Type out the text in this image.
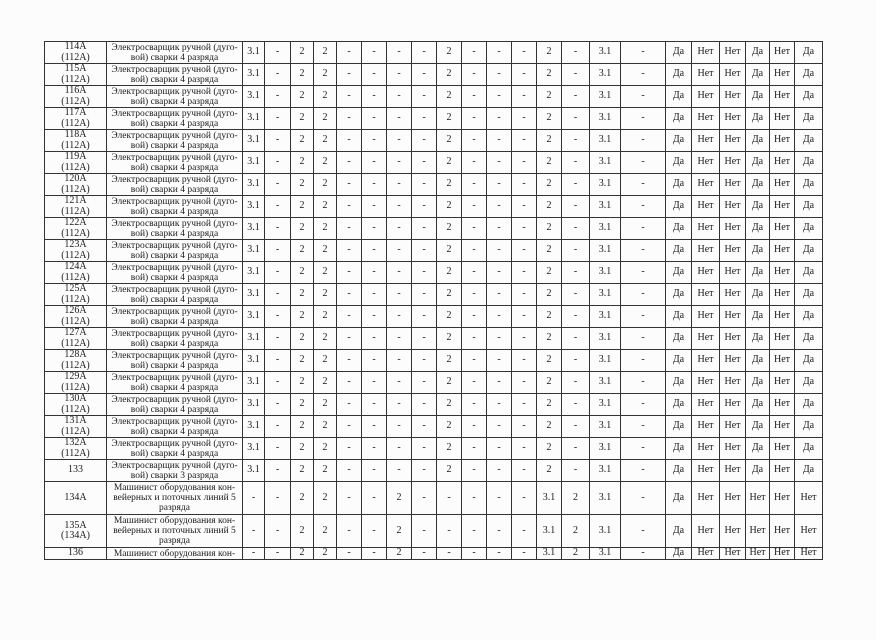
114А
(112А)	Электросварщик ручной (дуго-
вой) сварки 4 разряда	3.1	-	2	2	-	-	-	-	2	-	-	-	2	-	3.1	-	Да	Нет	Нет	Да	Нет	Да
115А
(112А)	Электросварщик ручной (дуго-
вой) сварки 4 разряда	3.1	-	2	2	-	-	-	-	2	-	-	-	2	-	3.1	-	Да	Нет	Нет	Да	Нет	Да
116А
(112А)	Электросварщик ручной (дуго-
вой) сварки 4 разряда	3.1	-	2	2	-	-	-	-	2	-	-	-	2	-	3.1	-	Да	Нет	Нет	Да	Нет	Да
117А
(112А)	Электросварщик ручной (дуго-
вой) сварки 4 разряда	3.1	-	2	2	-	-	-	-	2	-	-	-	2	-	3.1	-	Да	Нет	Нет	Да	Нет	Да
118А
(112А)	Электросварщик ручной (дуго-
вой) сварки 4 разряда	3.1	-	2	2	-	-	-	-	2	-	-	-	2	-	3.1	-	Да	Нет	Нет	Да	Нет	Да
119А
(112А)	Электросварщик ручной (дуго-
вой) сварки 4 разряда	3.1	-	2	2	-	-	-	-	2	-	-	-	2	-	3.1	-	Да	Нет	Нет	Да	Нет	Да
120А
(112А)	Электросварщик ручной (дуго-
вой) сварки 4 разряда	3.1	-	2	2	-	-	-	-	2	-	-	-	2	-	3.1	-	Да	Нет	Нет	Да	Нет	Да
121А
(112А)	Электросварщик ручной (дуго-
вой) сварки 4 разряда	3.1	-	2	2	-	-	-	-	2	-	-	-	2	-	3.1	-	Да	Нет	Нет	Да	Нет	Да
122А
(112А)	Электросварщик ручной (дуго-
вой) сварки 4 разряда	3.1	-	2	2	-	-	-	-	2	-	-	-	2	-	3.1	-	Да	Нет	Нет	Да	Нет	Да
123А
(112А)	Электросварщик ручной (дуго-
вой) сварки 4 разряда	3.1	-	2	2	-	-	-	-	2	-	-	-	2	-	3.1	-	Да	Нет	Нет	Да	Нет	Да
124А
(112А)	Электросварщик ручной (дуго-
вой) сварки 4 разряда	3.1	-	2	2	-	-	-	-	2	-	-	-	2	-	3.1	-	Да	Нет	Нет	Да	Нет	Да
125А
(112А)	Электросварщик ручной (дуго-
вой) сварки 4 разряда	3.1	-	2	2	-	-	-	-	2	-	-	-	2	-	3.1	-	Да	Нет	Нет	Да	Нет	Да
126А
(112А)	Электросварщик ручной (дуго-
вой) сварки 4 разряда	3.1	-	2	2	-	-	-	-	2	-	-	-	2	-	3.1	-	Да	Нет	Нет	Да	Нет	Да
127А
(112А)	Электросварщик ручной (дуго-
вой) сварки 4 разряда	3.1	-	2	2	-	-	-	-	2	-	-	-	2	-	3.1	-	Да	Нет	Нет	Да	Нет	Да
128А
(112А)	Электросварщик ручной (дуго-
вой) сварки 4 разряда	3.1	-	2	2	-	-	-	-	2	-	-	-	2	-	3.1	-	Да	Нет	Нет	Да	Нет	Да
129А
(112А)	Электросварщик ручной (дуго-
вой) сварки 4 разряда	3.1	-	2	2	-	-	-	-	2	-	-	-	2	-	3.1	-	Да	Нет	Нет	Да	Нет	Да
130А
(112А)	Электросварщик ручной (дуго-
вой) сварки 4 разряда	3.1	-	2	2	-	-	-	-	2	-	-	-	2	-	3.1	-	Да	Нет	Нет	Да	Нет	Да
131А
(112А)	Электросварщик ручной (дуго-
вой) сварки 4 разряда	3.1	-	2	2	-	-	-	-	2	-	-	-	2	-	3.1	-	Да	Нет	Нет	Да	Нет	Да
132А
(112А)	Электросварщик ручной (дуго-
вой) сварки 4 разряда	3.1	-	2	2	-	-	-	-	2	-	-	-	2	-	3.1	-	Да	Нет	Нет	Да	Нет	Да
133	Электросварщик ручной (дуго-
вой) сварки 3 разряда	3.1	-	2	2	-	-	-	-	2	-	-	-	2	-	3.1	-	Да	Нет	Нет	Да	Нет	Да
134А	Машинист оборудования кон-
вейерных и поточных линий 5
разряда	-	-	2	2	-	-	2	-	-	-	-	-	3.1	2	3.1	-	Да	Нет	Нет	Нет	Нет	Нет
135А
(134А)	Машинист оборудования кон-
вейерных и поточных линий 5
разряда	-	-	2	2	-	-	2	-	-	-	-	-	3.1	2	3.1	-	Да	Нет	Нет	Нет	Нет	Нет
136	Машинист оборудования кон-	-	-	2	2	-	-	2	-	-	-	-	-	3.1	2	3.1	-	Да	Нет	Нет	Нет	Нет	Нет
